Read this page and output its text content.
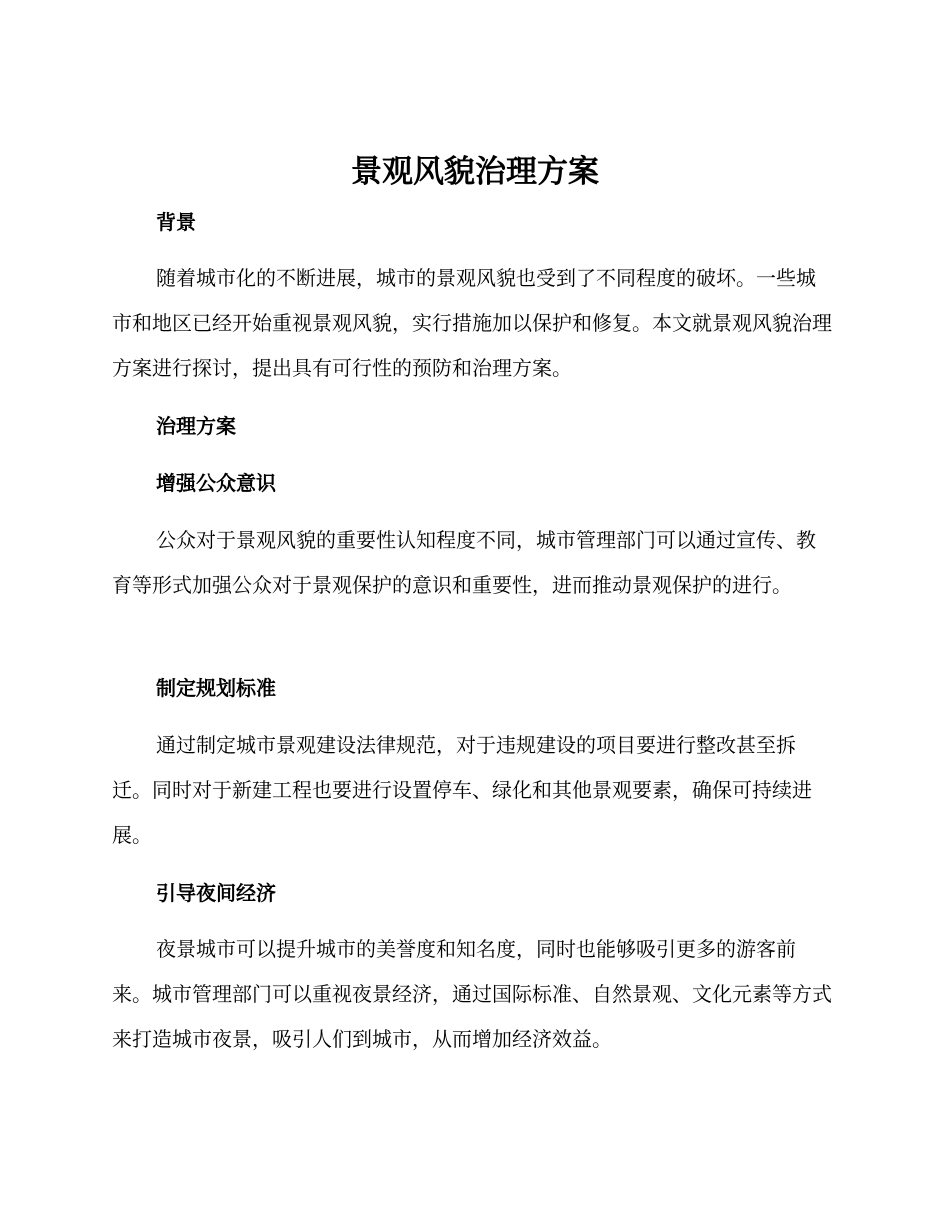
景观风貌治理方案
背景

随着城市化的不断进展，城市的景观风貌也受到了不同程度的破坏。一些城市和地区已经开始重视景观风貌，实行措施加以保护和修复。本文就景观风貌治理方案进行探讨，提出具有可行性的预防和治理方案。

治理方案
增强公众意识

公众对于景观风貌的重要性认知程度不同，城市管理部门可以通过宣传、教育等形式加强公众对于景观保护的意识和重要性，进而推动景观保护的进行。

制定规划标准

通过制定城市景观建设法律规范，对于违规建设的项目要进行整改甚至拆迁。同时对于新建工程也要进行设置停车、绿化和其他景观要素，确保可持续进展。

引导夜间经济

夜景城市可以提升城市的美誉度和知名度，同时也能够吸引更多的游客前来。城市管理部门可以重视夜景经济，通过国际标准、自然景观、文化元素等方式来打造城市夜景，吸引人们到城市，从而增加经济效益。
